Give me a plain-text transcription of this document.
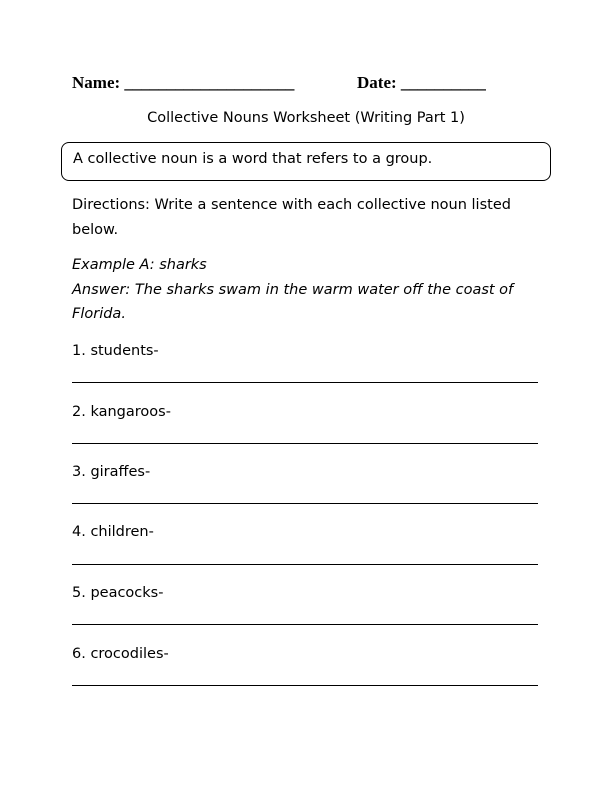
Name: ____________________	Date: __________
Collective Nouns Worksheet (Writing Part 1)
A collective noun is a word that refers to a group.
Directions: Write a sentence with each collective noun listed below.
Example A: sharks
Answer: The sharks swam in the warm water off the coast of Florida.
1. students-
2. kangaroos-
3. giraffes-
4. children-
5. peacocks-
6. crocodiles-
